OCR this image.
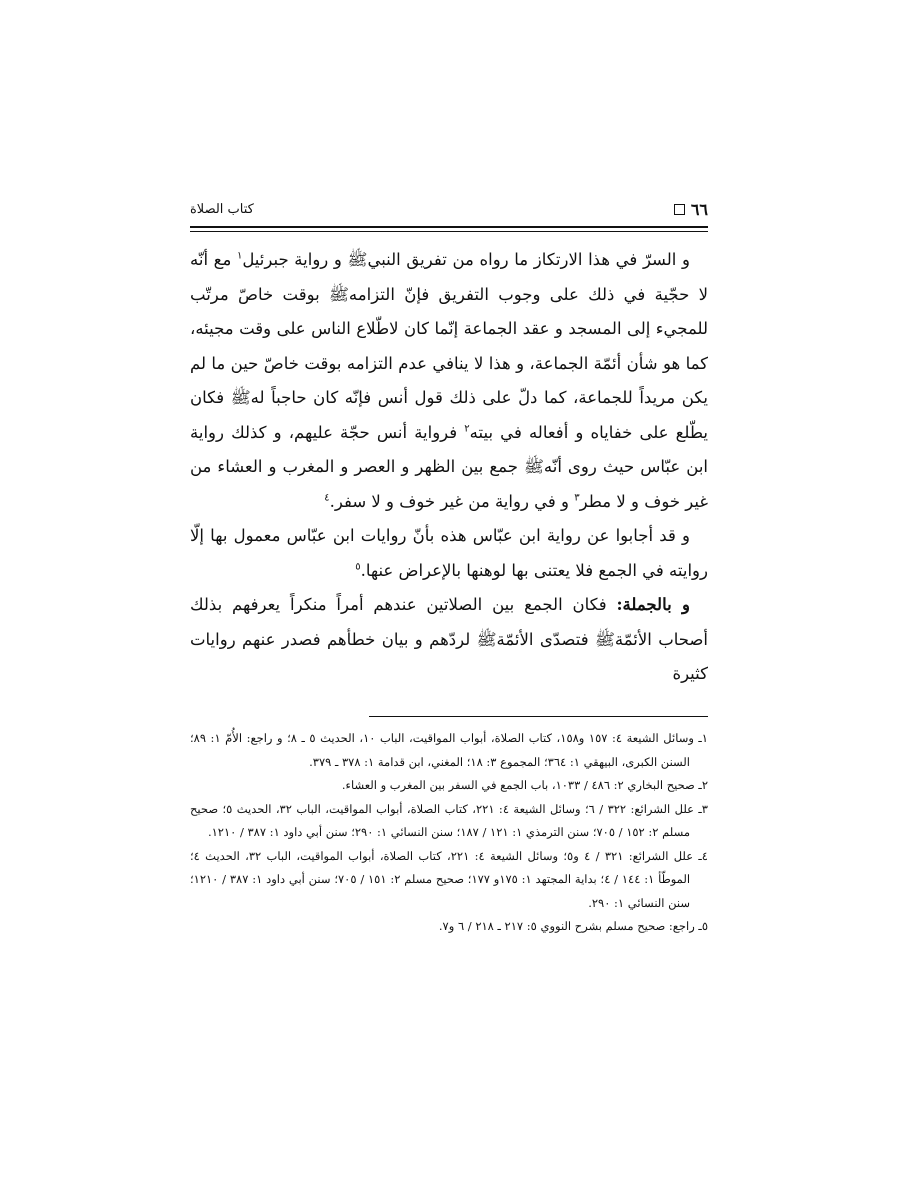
٦٦
كتاب الصلاة

و السرّ في هذا الارتكاز ما رواه من تفريق النبيﷺ و رواية جبرئيل$^١$ مع أنّه لا حجّية في ذلك على وجوب التفريق فإنّ التزامهﷺ بوقت خاصّ مرتّب للمجيء إلى المسجد و عقد الجماعة إنّما كان لاطّلاع الناس على وقت مجيئه، كما هو شأن أئمّة الجماعة، و هذا لا ينافي عدم التزامه بوقت خاصّ حين ما لم يكن مريداً للجماعة، كما دلّ على ذلك قول أنس فإنّه كان حاجباً لهﷺ فكان يطّلع على خفاياه و أفعاله في بيته$^٢$ فرواية أنس حجّة عليهم، و كذلك رواية ابن عبّاس حيث روى أنّهﷺ جمع بين الظهر و العصر و المغرب و العشاء من غير خوف و لا مطر$^٣$ و في رواية من غير خوف و لا سفر.$^٤$

و قد أجابوا عن رواية ابن عبّاس هذه بأنّ روايات ابن عبّاس معمول بها إلّا روايته في الجمع فلا يعتنى بها لوهنها بالإعراض عنها.$^٥$

و بالجملة: فكان الجمع بين الصلاتين عندهم أمراً منكراً يعرفهم بذلك أصحاب الأئمّةﷺ فتصدّى الأئمّةﷺ لردّهم و بيان خطأهم فصدر عنهم روايات كثيرة

١ـ وسائل الشيعة ٤: ١٥٧ و١٥٨، كتاب الصلاة، أبواب المواقيت، الباب ١٠، الحديث ٥ ـ ٨؛ و راجع: الأُمّ ١: ٨٩؛ السنن الكبرى، البيهقي ١: ٣٦٤؛ المجموع ٣: ١٨؛ المغني، ابن قدامة ١: ٣٧٨ ـ ٣٧٩.

٢ـ صحيح البخاري ٢: ٤٨٦ / ١٠٣٣، باب الجمع في السفر بين المغرب و العشاء.

٣ـ علل الشرائع: ٣٢٢ / ٦؛ وسائل الشيعة ٤: ٢٢١، كتاب الصلاة، أبواب المواقيت، الباب ٣٢، الحديث ٥؛ صحيح مسلم ٢: ١٥٢ / ٧٠٥؛ سنن الترمذي ١: ١٢١ / ١٨٧؛ سنن النسائي ١: ٢٩٠؛ سنن أبي داود ١: ٣٨٧ / ١٢١٠.

٤ـ علل الشرائع: ٣٢١ / ٤ و٥؛ وسائل الشيعة ٤: ٢٢١، كتاب الصلاة، أبواب المواقيت، الباب ٣٢، الحديث ٤؛ الموطّأ ١: ١٤٤ / ٤؛ بداية المجتهد ١: ١٧٥و ١٧٧؛ صحيح مسلم ٢: ١٥١ / ٧٠٥؛ سنن أبي داود ١: ٣٨٧ / ١٢١٠؛ سنن النسائي ١: ٢٩٠.

٥ـ راجع: صحيح مسلم بشرح النووي ٥: ٢١٧ ـ ٢١٨ / ٦ و٧.
